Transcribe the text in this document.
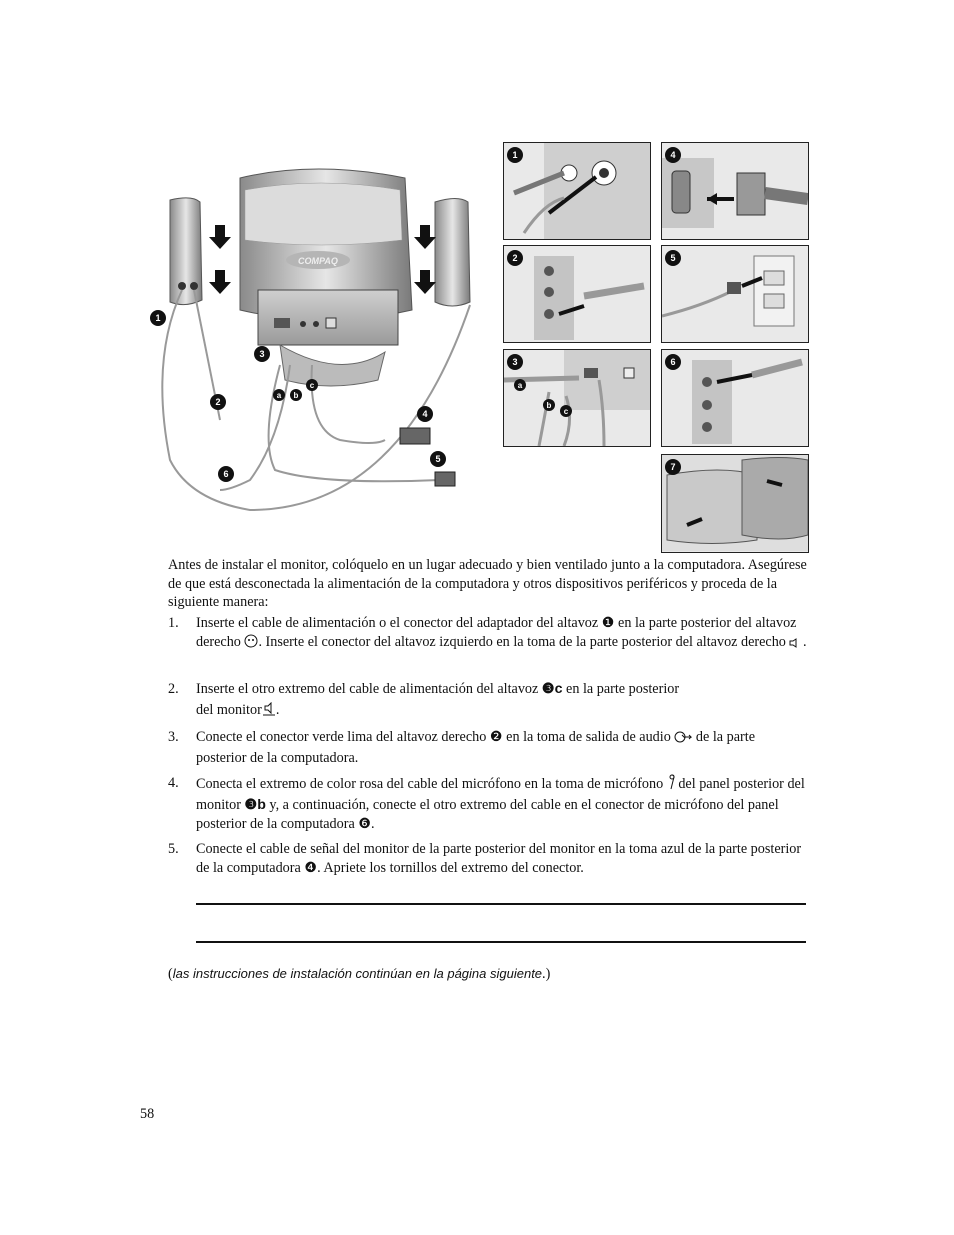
COMPAQ
1
2
3
4
5
6
a b
c
1	4
2	5
3
a
b
c
6
7
Antes de instalar el monitor, colóquelo en un lugar adecuado y bien ventilado junto a la computadora. Asegúrese de que está desconectada la alimentación de la computadora y otros dispositivos periféricos y proceda de la siguiente manera:
1. Inserte el cable de alimentación o el conector del adaptador del altavoz ❶ en la parte posterior del altavoz derecho . Inserte el conector del altavoz izquierdo en la toma de la parte posterior del altavoz derecho  .
2. Inserte el otro extremo del cable de alimentación del altavoz ❸c en la parte posterior
del monitor.
3. Conecte el conector verde lima del altavoz derecho ❷ en la toma de salida de audio  de la parte posterior de la computadora.
4. Conecta el extremo de color rosa del cable del micrófono en la toma de micrófono  del panel posterior del monitor ❸b y, a continuación, conecte el otro extremo del cable en el conector de micrófono del panel posterior de la computadora ❻.
5. Conecte el cable de señal del monitor de la parte posterior del monitor en la toma azul de la parte posterior de la computadora ❹. Apriete los tornillos del extremo del conector.
(las instrucciones de instalación continúan en la página siguiente.)
58
